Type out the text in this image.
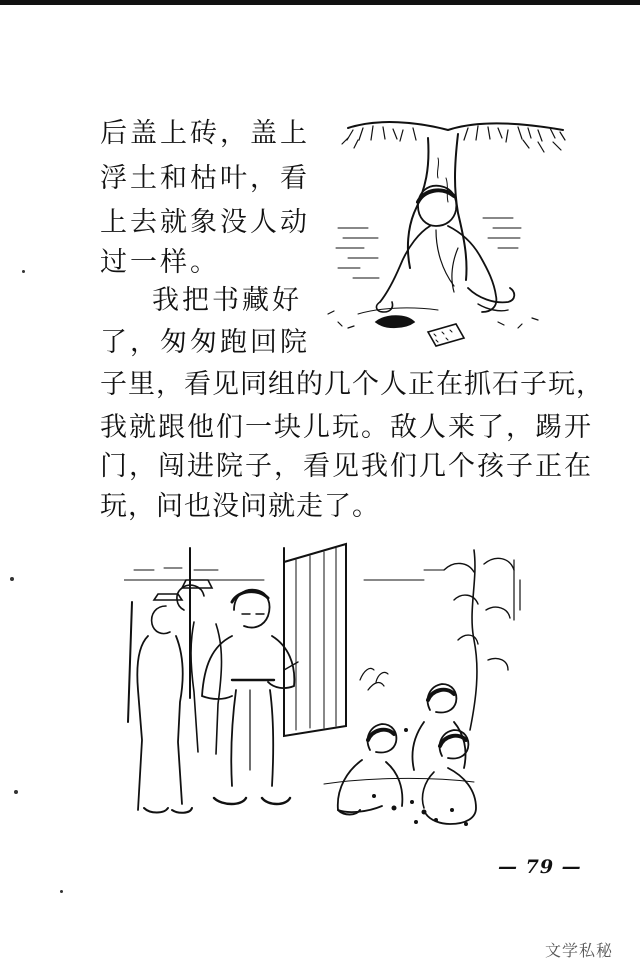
后盖上砖，盖上
浮土和枯叶，看
上去就象没人动
过一样。
我把书藏好
了，匆匆跑回院
子里，看见同组的几个人正在抓石子玩，
我就跟他们一块儿玩。敌人来了，踢开
门，闯进院子，看见我们几个孩子正在
玩，问也没问就走了。
— 79 —
文学私秘
